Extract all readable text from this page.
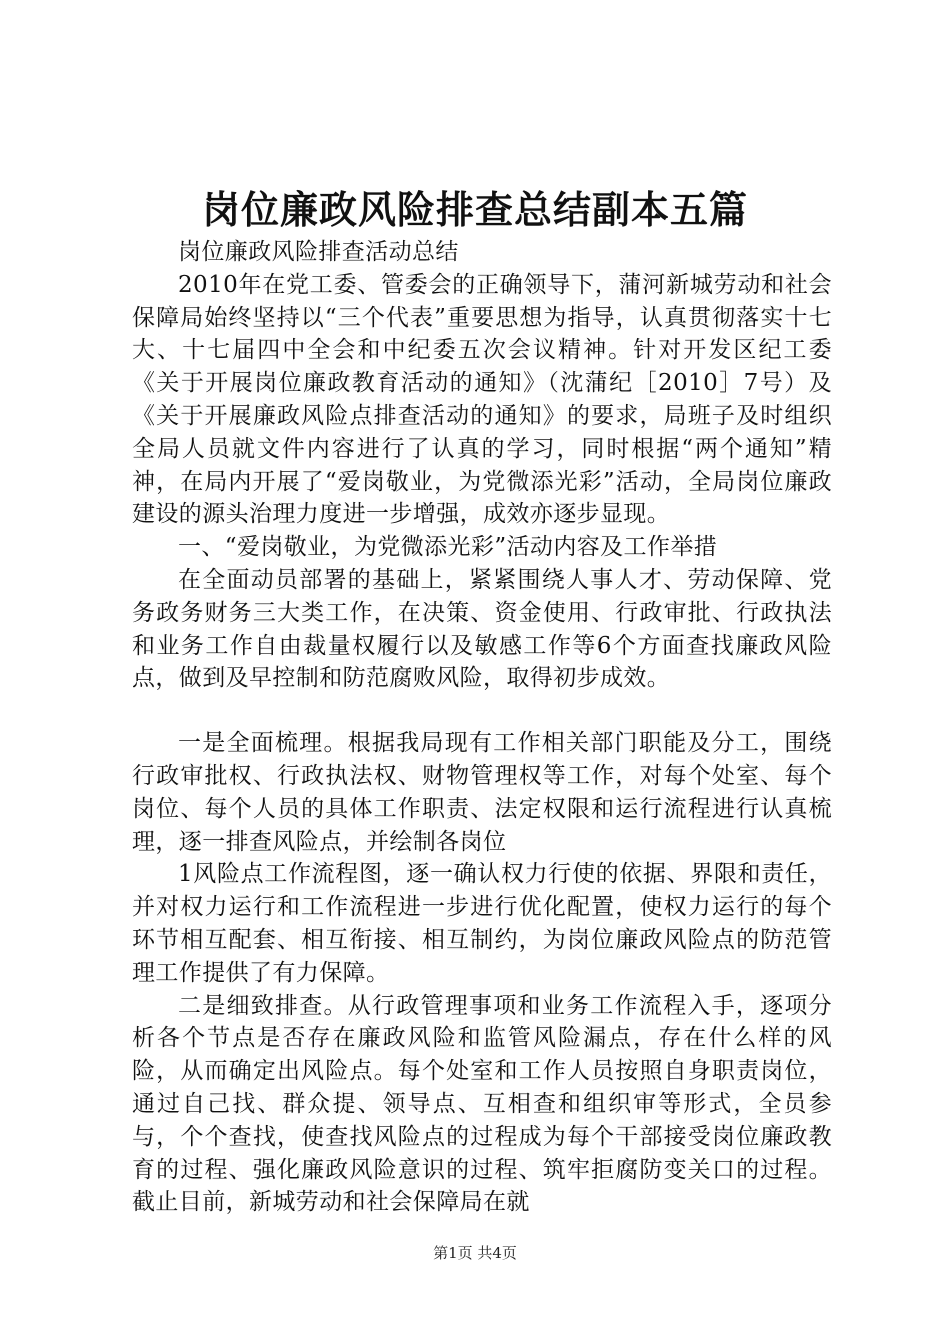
岗位廉政风险排查总结副本五篇

岗位廉政风险排查活动总结

2010年在党工委、管委会的正确领导下，蒲河新城劳动和社会保障局始终坚持以“三个代表”重要思想为指导，认真贯彻落实十七大、十七届四中全会和中纪委五次会议精神。针对开发区纪工委《关于开展岗位廉政教育活动的通知》（沈蒲纪［2010］7号）及《关于开展廉政风险点排查活动的通知》的要求，局班子及时组织全局人员就文件内容进行了认真的学习，同时根据“两个通知”精神，在局内开展了“爱岗敬业，为党微添光彩”活动，全局岗位廉政建设的源头治理力度进一步增强，成效亦逐步显现。

一、“爱岗敬业，为党微添光彩”活动内容及工作举措

在全面动员部署的基础上，紧紧围绕人事人才、劳动保障、党务政务财务三大类工作，在决策、资金使用、行政审批、行政执法和业务工作自由裁量权履行以及敏感工作等6个方面查找廉政风险点，做到及早控制和防范腐败风险，取得初步成效。

一是全面梳理。根据我局现有工作相关部门职能及分工，围绕行政审批权、行政执法权、财物管理权等工作，对每个处室、每个岗位、每个人员的具体工作职责、法定权限和运行流程进行认真梳理，逐一排查风险点，并绘制各岗位

1风险点工作流程图，逐一确认权力行使的依据、界限和责任，并对权力运行和工作流程进一步进行优化配置，使权力运行的每个环节相互配套、相互衔接、相互制约，为岗位廉政风险点的防范管理工作提供了有力保障。

二是细致排查。从行政管理事项和业务工作流程入手，逐项分析各个节点是否存在廉政风险和监管风险漏点，存在什么样的风险，从而确定出风险点。每个处室和工作人员按照自身职责岗位，通过自己找、群众提、领导点、互相查和组织审等形式，全员参与，个个查找，使查找风险点的过程成为每个干部接受岗位廉政教育的过程、强化廉政风险意识的过程、筑牢拒腐防变关口的过程。截止目前，新城劳动和社会保障局在就

第1页 共4页
